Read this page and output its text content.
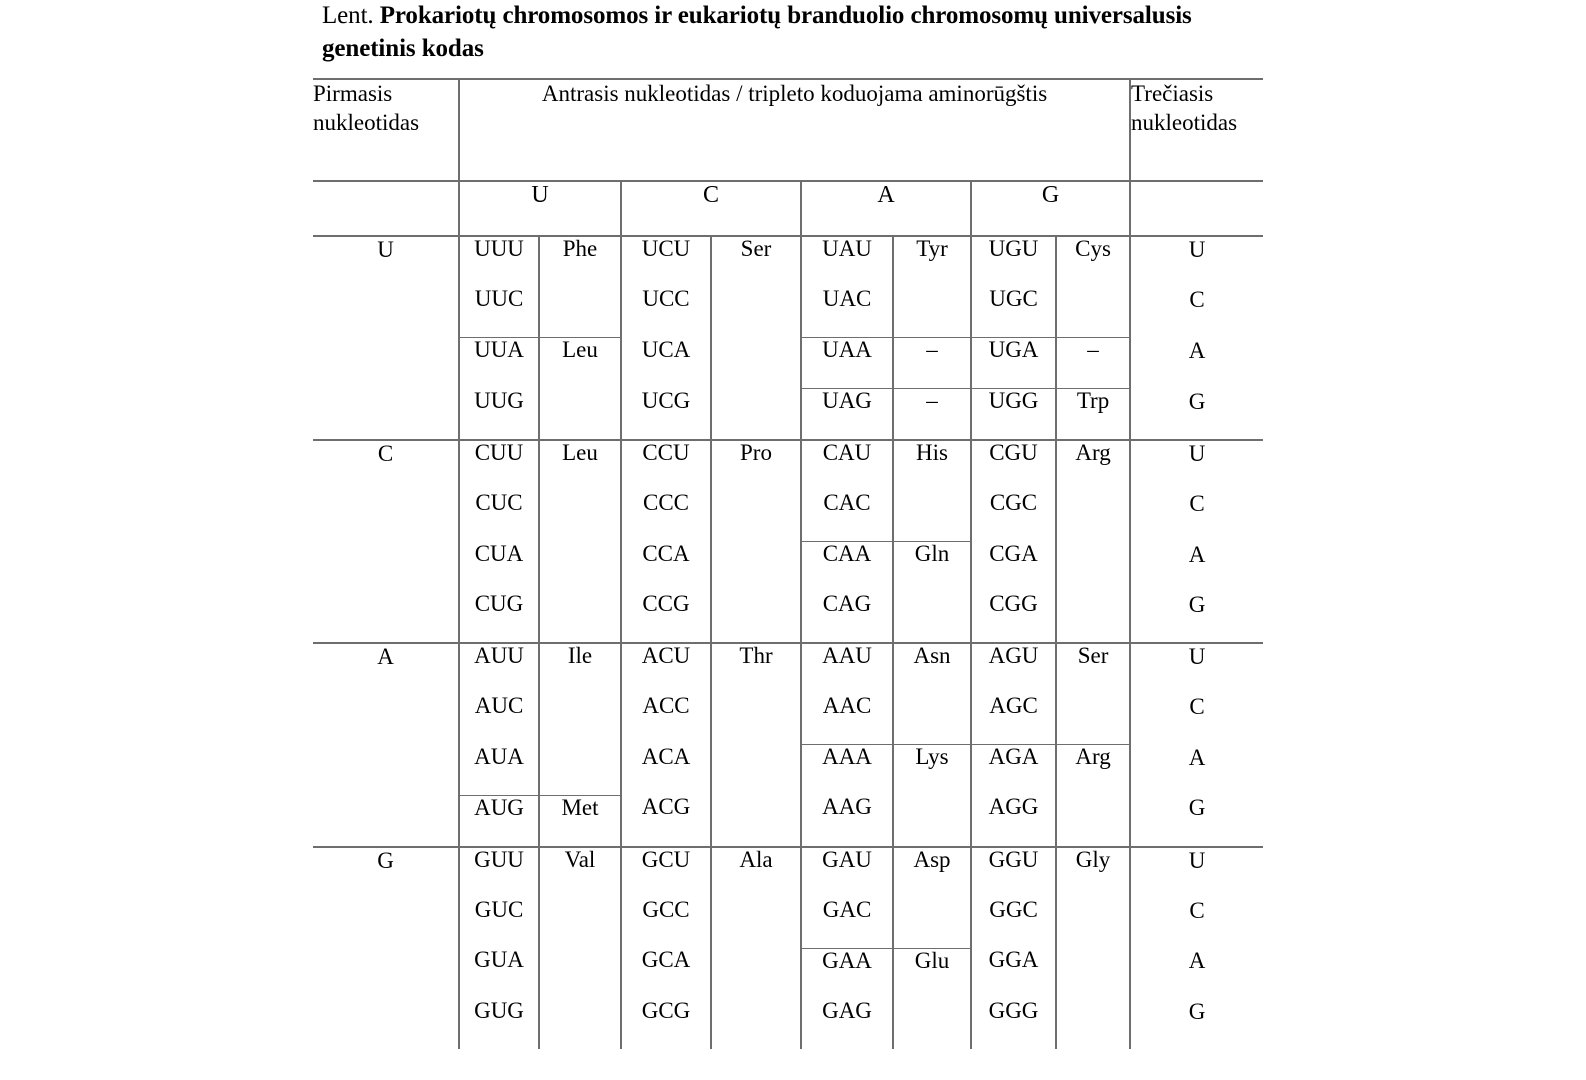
Lent. Prokariotų chromosomos ir eukariotų branduolio chromosomų universalusis genetinis kodas
Pirmasis nukleotidas	Antrasis nukleotidas / tripleto koduojama aminorūgštis								Trečiasis nukleotidas
	U		C		A		G		
U	UUU	Phe	UCU	Ser	UAU	Tyr	UGU	Cys	U
	UUC		UCC		UAC		UGC		C
	UUA	Leu	UCA		UAA	–	UGA	–	A
	UUG		UCG		UAG	–	UGG	Trp	G
C	CUU	Leu	CCU	Pro	CAU	His	CGU	Arg	U
	CUC		CCC		CAC		CGC		C
	CUA		CCA		CAA	Gln	CGA		A
	CUG		CCG		CAG		CGG		G
A	AUU	Ile	ACU	Thr	AAU	Asn	AGU	Ser	U
	AUC		ACC		AAC		AGC		C
	AUA		ACA		AAA	Lys	AGA	Arg	A
	AUG	Met	ACG		AAG		AGG		G
G	GUU	Val	GCU	Ala	GAU	Asp	GGU	Gly	U
	GUC		GCC		GAC		GGC		C
	GUA		GCA		GAA	Glu	GGA		A
	GUG		GCG		GAG		GGG		G
